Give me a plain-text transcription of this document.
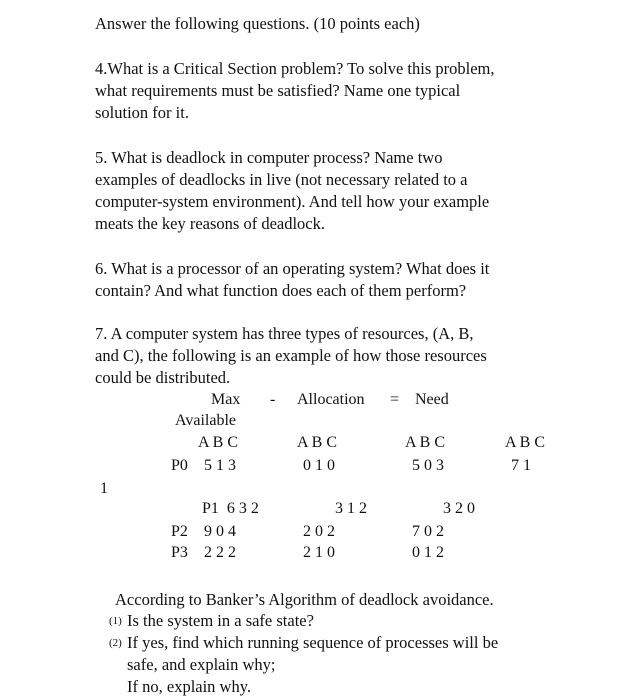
Answer the following questions. (10 points each)
4.What is a Critical Section problem? To solve this problem,
what requirements must be satisfied? Name one typical
solution for it.
5. What is deadlock in computer process? Name two
examples of deadlocks in live (not necessary related to a
computer-system environment). And tell how your example
meats the key reasons of deadlock.
6. What is a processor of an operating system? What does it
contain? And what function does each of them perform?
7. A computer system has three types of resources, (A, B,
and C), the following is an example of how those resources
could be distributed.
Max - Allocation = Need
Available
A B C	A B C	A B C	A B C
P0 5 1 3	0 1 0	5 0 3	7 1
1
P1  6 3 2	3 1 2	3 2 0
P2 9 0 4	2 0 2	7 0 2
P3 2 2 2	2 1 0	0 1 2
According to Banker’s Algorithm of deadlock avoidance.
(1) Is the system in a safe state?
(2) If yes, find which running sequence of processes will be
safe, and explain why;
If no, explain why.
